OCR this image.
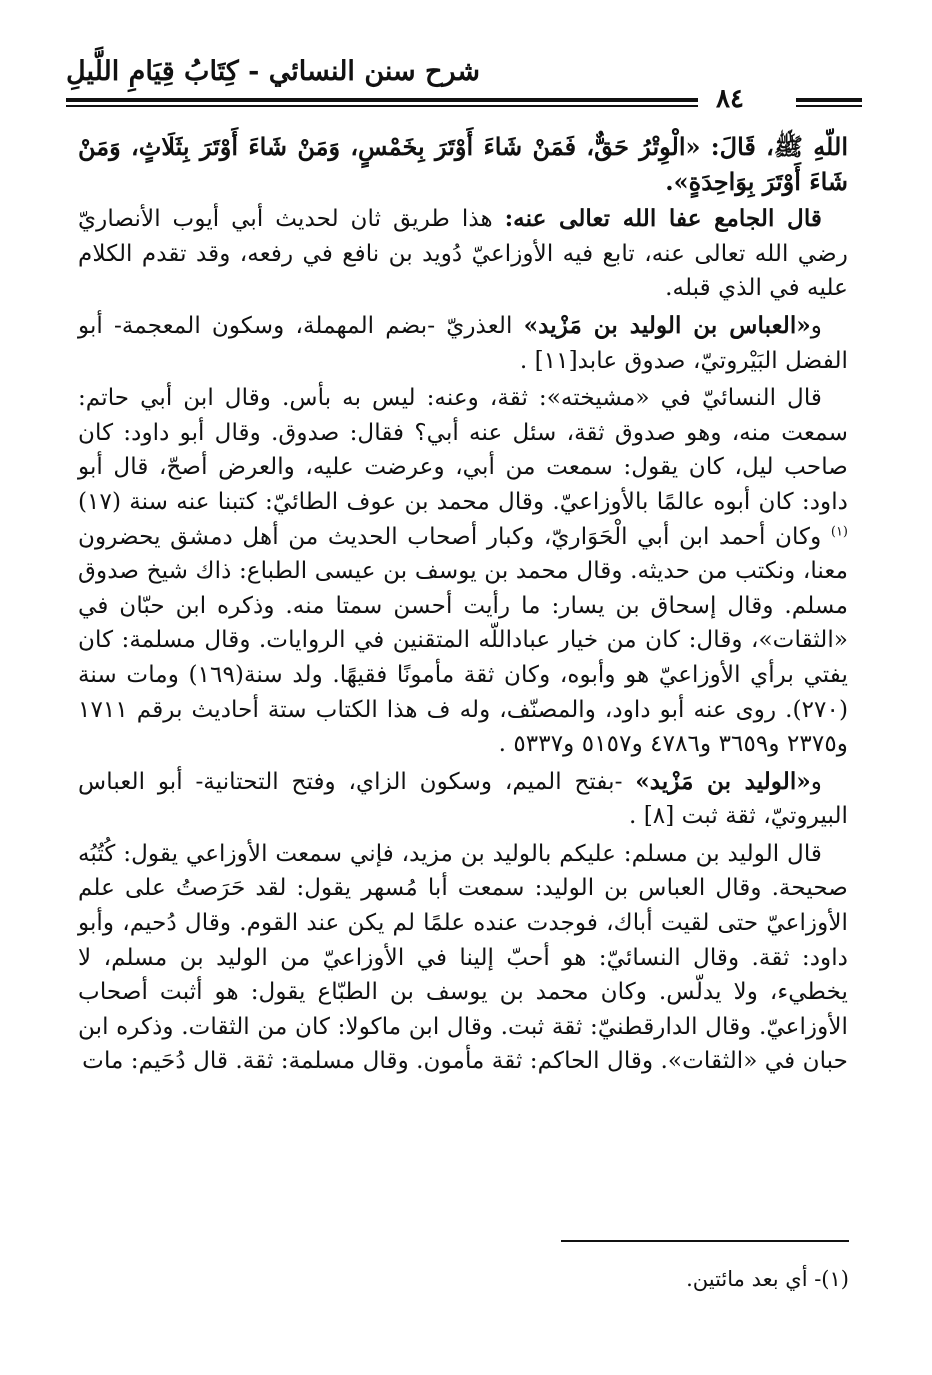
شرح سنن النسائي - كِتَابُ قِيَامِ اللَّيلِ
٨٤

اللّهِ ﷺ، قَالَ: «الْوِتْرُ حَقٌّ، فَمَنْ شَاءَ أَوْتَرَ بِخَمْسٍ، وَمَنْ شَاءَ أَوْتَرَ بِثَلَاثٍ، وَمَنْ شَاءَ أَوْتَرَ بِوَاحِدَةٍ».

قال الجامع عفا الله تعالى عنه: هذا طريق ثان لحديث أبي أيوب الأنصاريّ رضي الله تعالى عنه، تابع فيه الأوزاعيّ دُويد بن نافع في رفعه، وقد تقدم الكلام عليه في الذي قبله.

و«العباس بن الوليد بن مَزْيد» العذريّ -بضم المهملة، وسكون المعجمة- أبو الفضل البَيْروتيّ، صدوق عابد[١١] .

قال النسائيّ في «مشيخته»: ثقة، وعنه: ليس به بأس. وقال ابن أبي حاتم: سمعت منه، وهو صدوق ثقة، سئل عنه أبي؟ فقال: صدوق. وقال أبو داود: كان صاحب ليل، كان يقول: سمعت من أبي، وعرضت عليه، والعرض أصحّ، قال أبو داود: كان أبوه عالمًا بالأوزاعيّ. وقال محمد بن عوف الطائيّ: كتبنا عنه سنة (١٧)$^{(١)}$ وكان أحمد ابن أبي الْحَوَاريّ، وكبار أصحاب الحديث من أهل دمشق يحضرون معنا، ونكتب من حديثه. وقال محمد بن يوسف بن عيسى الطباع: ذاك شيخ صدوق مسلم. وقال إسحاق بن يسار: ما رأيت أحسن سمتا منه. وذكره ابن حبّان في «الثقات»، وقال: كان من خيار عباداللّه المتقنين في الروايات. وقال مسلمة: كان يفتي برأي الأوزاعيّ هو وأبوه، وكان ثقة مأمونًا فقيهًا. ولد سنة(١٦٩) ومات سنة (٢٧٠). روى عنه أبو داود، والمصنّف، وله ف هذا الكتاب ستة أحاديث برقم ١٧١١ و٢٣٧٥ و٣٦٥٩ و٤٧٨٦ و٥١٥٧ و٥٣٣٧ .

و«الوليد بن مَزْيد» -بفتح الميم، وسكون الزاي، وفتح التحتانية- أبو العباس البيروتيّ، ثقة ثبت [٨] .

قال الوليد بن مسلم: عليكم بالوليد بن مزيد، فإني سمعت الأوزاعي يقول: كُتُبُه صحيحة. وقال العباس بن الوليد: سمعت أبا مُسهر يقول: لقد حَرَصتُ على علم الأوزاعيّ حتى لقيت أباك، فوجدت عنده علمًا لم يكن عند القوم. وقال دُحيم، وأبو داود: ثقة. وقال النسائيّ: هو أحبّ إلينا في الأوزاعيّ من الوليد بن مسلم، لا يخطيء، ولا يدلّس. وكان محمد بن يوسف بن الطبّاع يقول: هو أثبت أصحاب الأوزاعيّ. وقال الدارقطنيّ: ثقة ثبت. وقال ابن ماكولا: كان من الثقات. وذكره ابن حبان في «الثقات». وقال الحاكم: ثقة مأمون. وقال مسلمة: ثقة. قال دُحَيم: مات

(١)- أي بعد مائتين.
